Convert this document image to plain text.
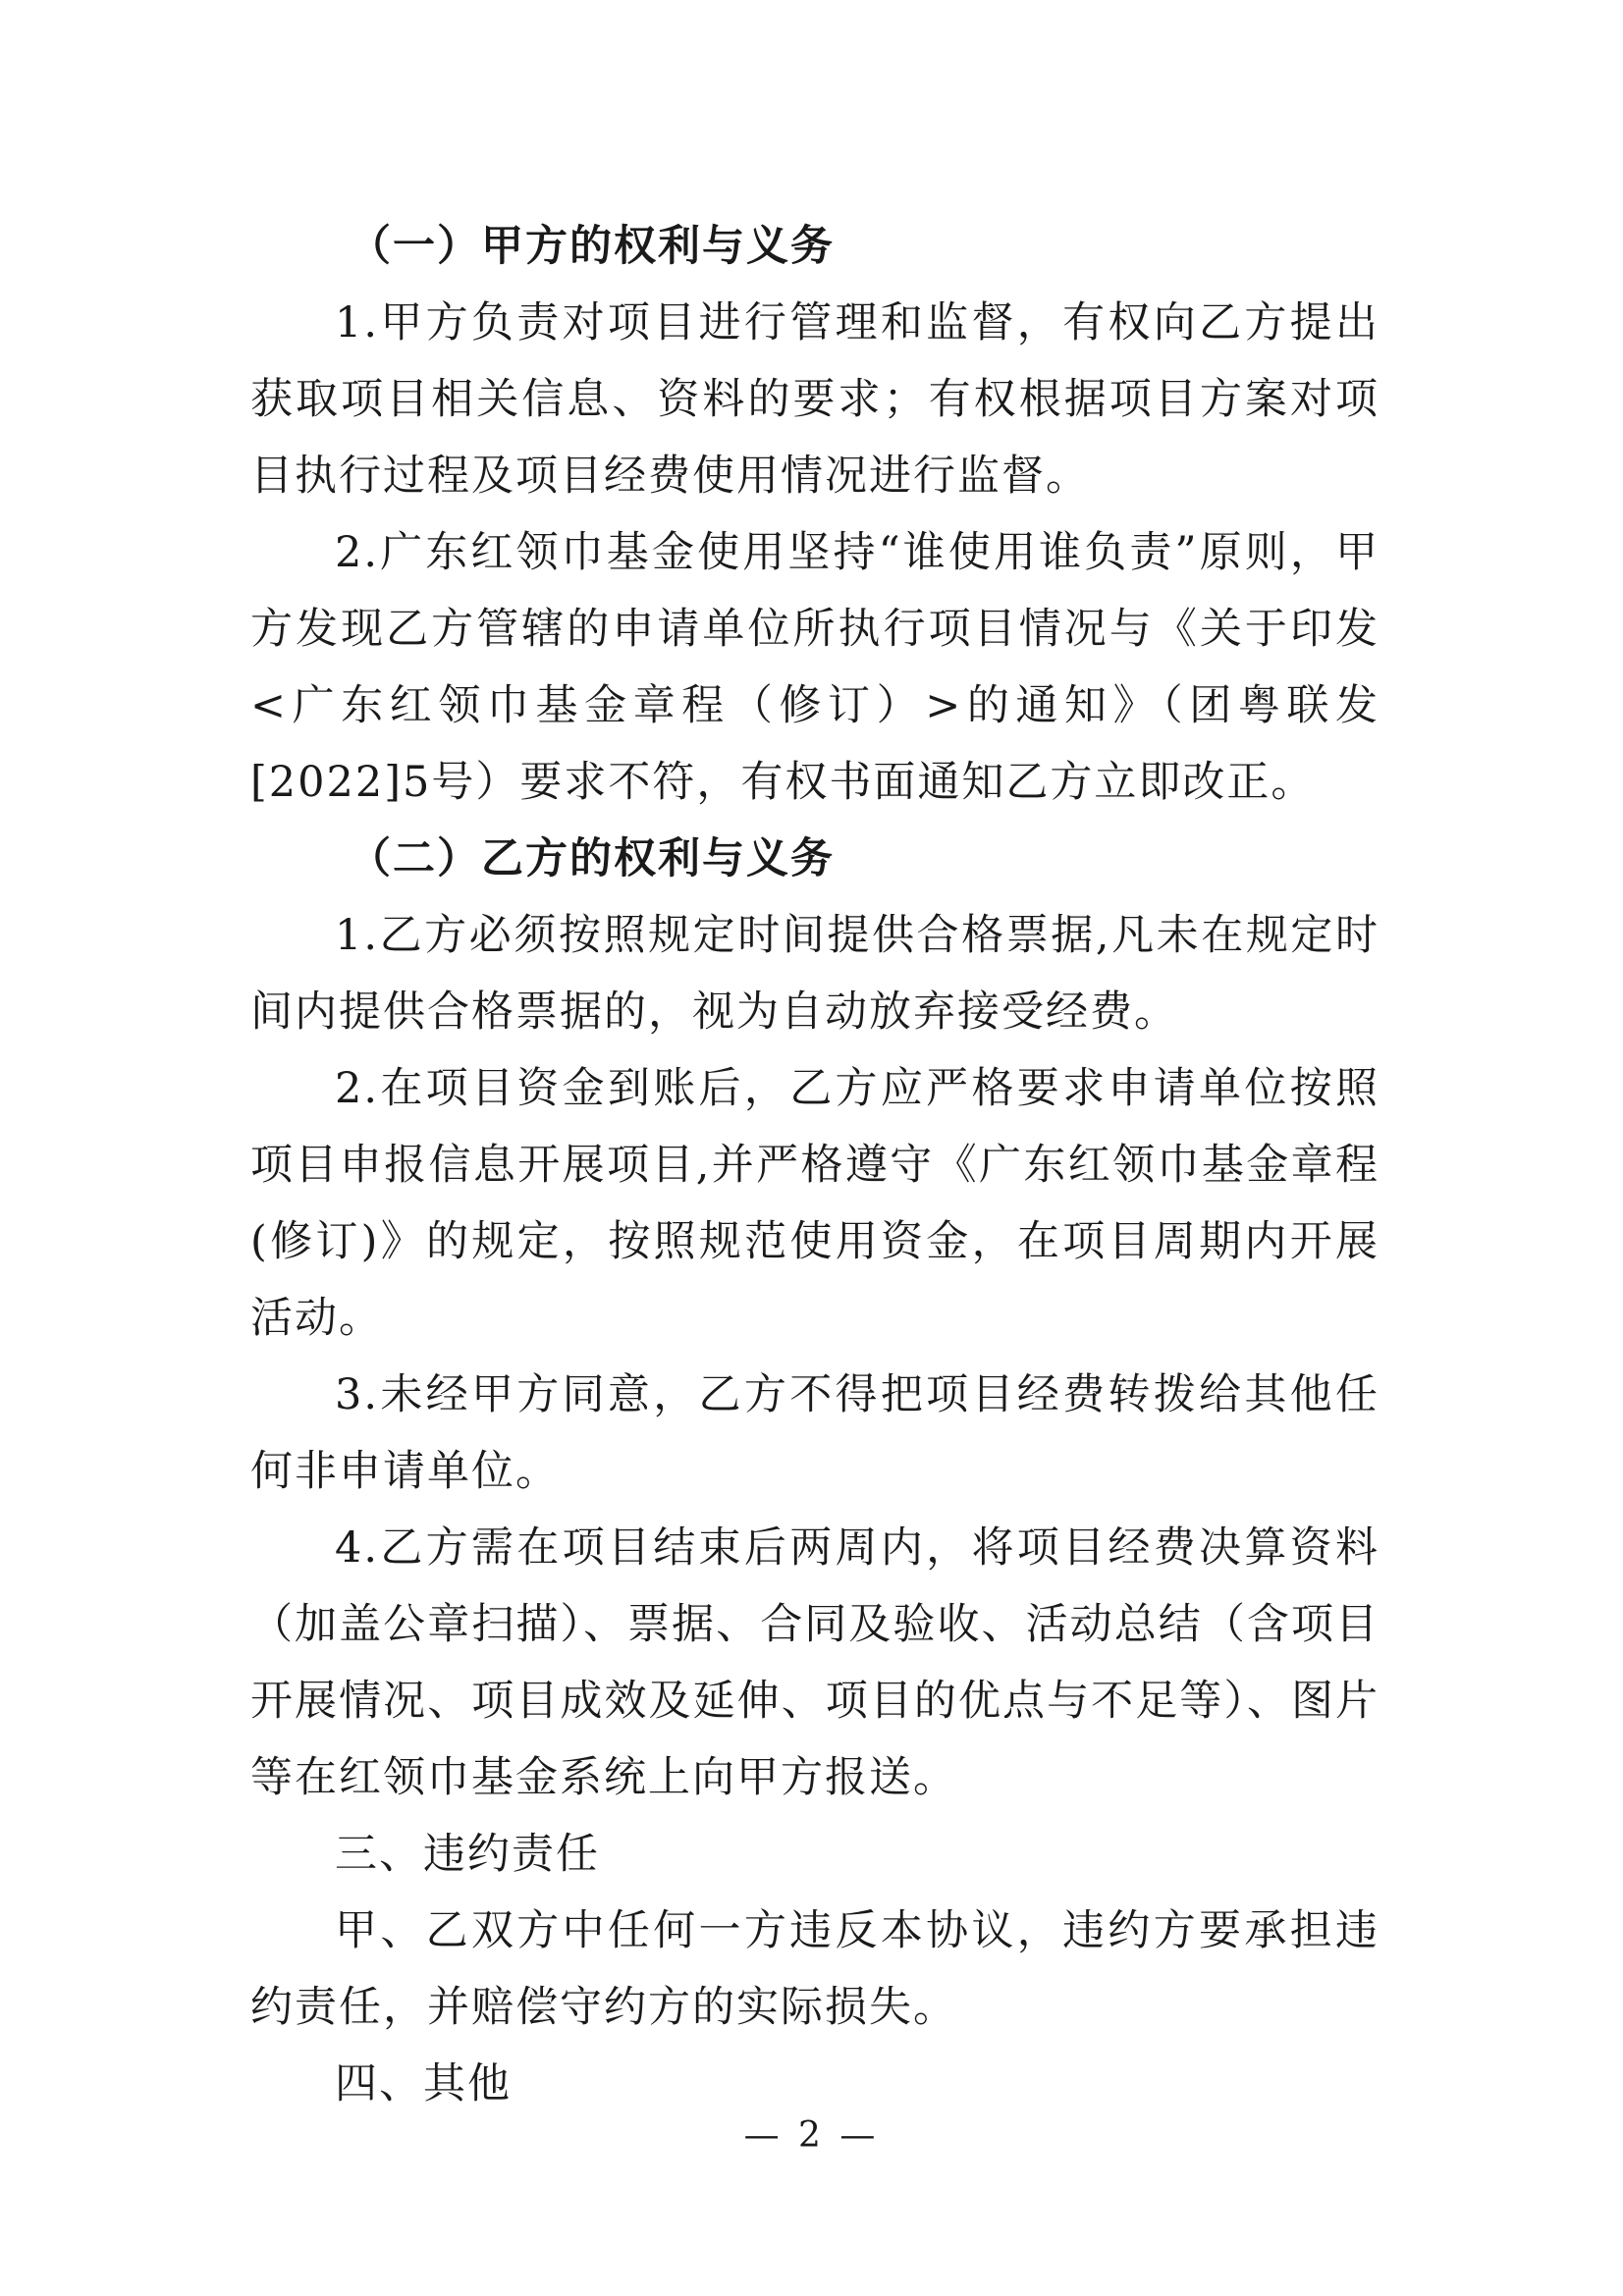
（一）甲方的权利与义务

1.甲方负责对项目进行管理和监督，有权向乙方提出获取项目相关信息、资料的要求；有权根据项目方案对项目执行过程及项目经费使用情况进行监督。

2.广东红领巾基金使用坚持“谁使用谁负责”原则，甲方发现乙方管辖的申请单位所执行项目情况与《关于印发<广东红领巾基金章程（修订）>的通知》（团粤联发[2022]5号）要求不符，有权书面通知乙方立即改正。

（二）乙方的权利与义务

1.乙方必须按照规定时间提供合格票据,凡未在规定时间内提供合格票据的，视为自动放弃接受经费。

2.在项目资金到账后，乙方应严格要求申请单位按照项目申报信息开展项目,并严格遵守《广东红领巾基金章程(修订)》的规定，按照规范使用资金，在项目周期内开展活动。

3.未经甲方同意，乙方不得把项目经费转拨给其他任何非申请单位。

4.乙方需在项目结束后两周内，将项目经费决算资料（加盖公章扫描）、票据、合同及验收、活动总结（含项目开展情况、项目成效及延伸、项目的优点与不足等）、图片等在红领巾基金系统上向甲方报送。

三、违约责任

甲、乙双方中任何一方违反本协议，违约方要承担违约责任，并赔偿守约方的实际损失。

四、其他

— 2 —
